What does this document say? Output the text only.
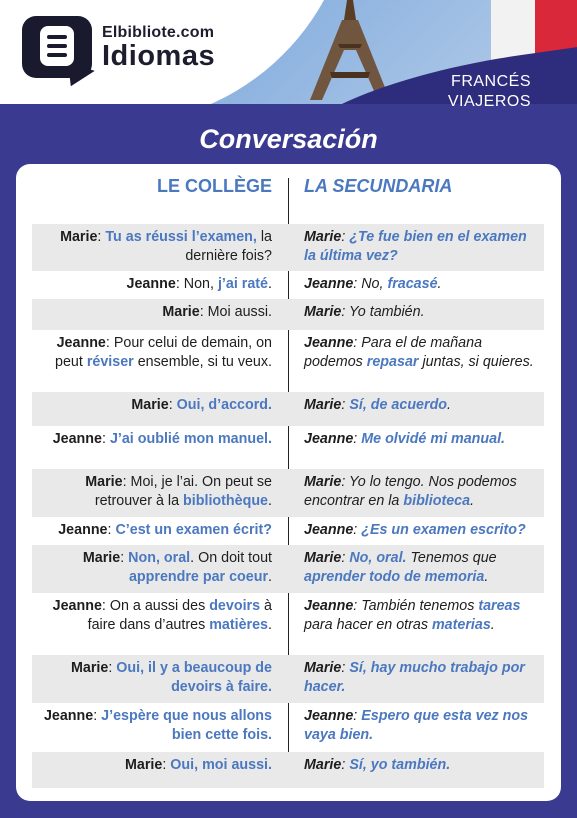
Elbibliote.com
Idiomas
FRANCÉS
VIAJEROS
Conversación
LE COLLÈGE LA SECUNDARIA
Marie: Tu as réussi l’examen, la dernière fois?
Marie: ¿Te fue bien en el examen la última vez?
Jeanne: Non, j’ai raté. Jeanne: No, fracasé.
Marie: Moi aussi. Marie: Yo también.
Jeanne: Pour celui de demain, on peut réviser ensemble, si tu veux.
Jeanne: Para el de mañana podemos repasar juntas, si quieres.
Marie: Oui, d’accord. Marie: Sí, de acuerdo.
Jeanne: J’ai oublié mon manuel. Jeanne: Me olvidé mi manual.
Marie: Moi, je l’ai. On peut se retrouver à la bibliothèque.
Marie: Yo lo tengo. Nos podemos encontrar en la biblioteca.
Jeanne: C’est un examen écrit? Jeanne: ¿Es un examen escrito?
Marie: Non, oral. On doit tout apprendre par coeur.
Marie: No, oral. Tenemos que aprender todo de memoria.
Jeanne: On a aussi des devoirs à faire dans d’autres matières.
Jeanne: También tenemos tareas para hacer en otras materias.
Marie: Oui, il y a beaucoup de devoirs à faire.
Marie: Sí, hay mucho trabajo por hacer.
Jeanne: J’espère que nous allons bien cette fois.
Jeanne: Espero que esta vez nos vaya bien.
Marie: Oui, moi aussi. Marie: Sí, yo también.
